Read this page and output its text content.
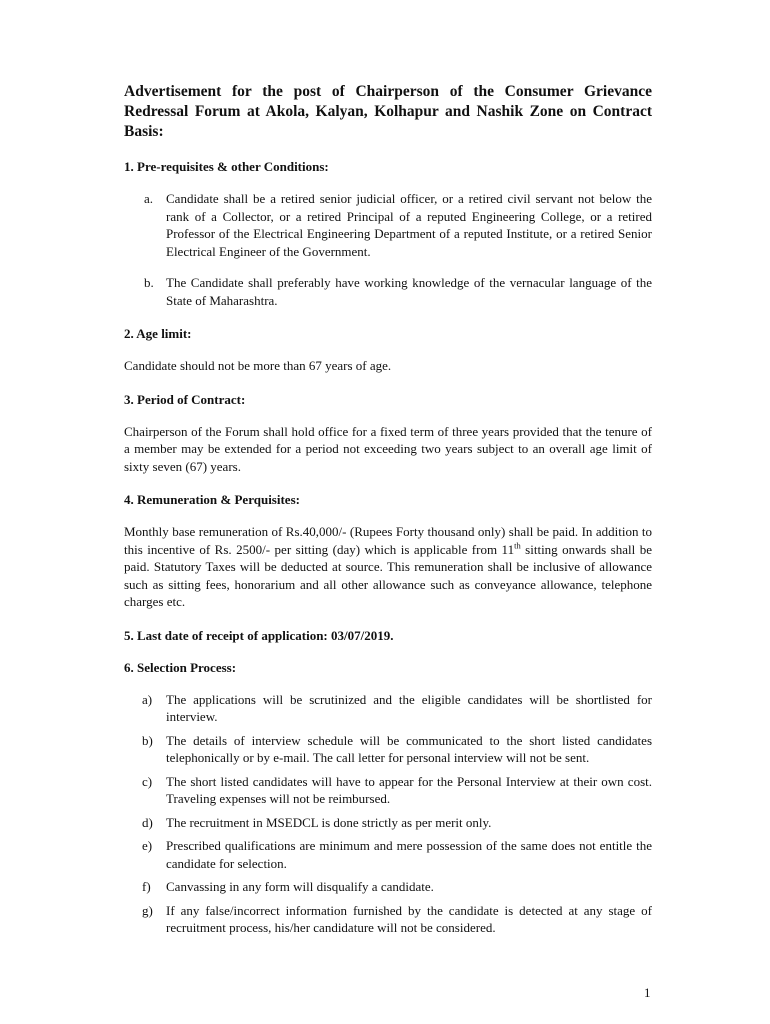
Advertisement for the post of Chairperson of the Consumer Grievance Redressal Forum at Akola, Kalyan, Kolhapur and Nashik Zone on Contract Basis:
1. Pre-requisites & other Conditions:
a. Candidate shall be a retired senior judicial officer, or a retired civil servant not below the rank of a Collector, or a retired Principal of a reputed Engineering College, or a retired Professor of the Electrical Engineering Department of a reputed Institute, or a retired Senior Electrical Engineer of the Government.
b. The Candidate shall preferably have working knowledge of the vernacular language of the State of Maharashtra.
2. Age limit:
Candidate should not be more than 67 years of age.
3. Period of Contract:
Chairperson of the Forum shall hold office for a fixed term of three years provided that the tenure of a member may be extended for a period not exceeding two years subject to an overall age limit of sixty seven (67) years.
4. Remuneration & Perquisites:
Monthly base remuneration of Rs.40,000/- (Rupees Forty thousand only) shall be paid. In addition to this incentive of Rs. 2500/- per sitting (day) which is applicable from 11th sitting onwards shall be paid. Statutory Taxes will be deducted at source. This remuneration shall be inclusive of allowance such as sitting fees, honorarium and all other allowance such as conveyance allowance, telephone charges etc.
5. Last date of receipt of application: 03/07/2019.
6. Selection Process:
a) The applications will be scrutinized and the eligible candidates will be shortlisted for interview.
b) The details of interview schedule will be communicated to the short listed candidates telephonically or by e-mail. The call letter for personal interview will not be sent.
c) The short listed candidates will have to appear for the Personal Interview at their own cost. Traveling expenses will not be reimbursed.
d) The recruitment in MSEDCL is done strictly as per merit only.
e) Prescribed qualifications are minimum and mere possession of the same does not entitle the candidate for selection.
f) Canvassing in any form will disqualify a candidate.
g) If any false/incorrect information furnished by the candidate is detected at any stage of recruitment process, his/her candidature will not be considered.
1
